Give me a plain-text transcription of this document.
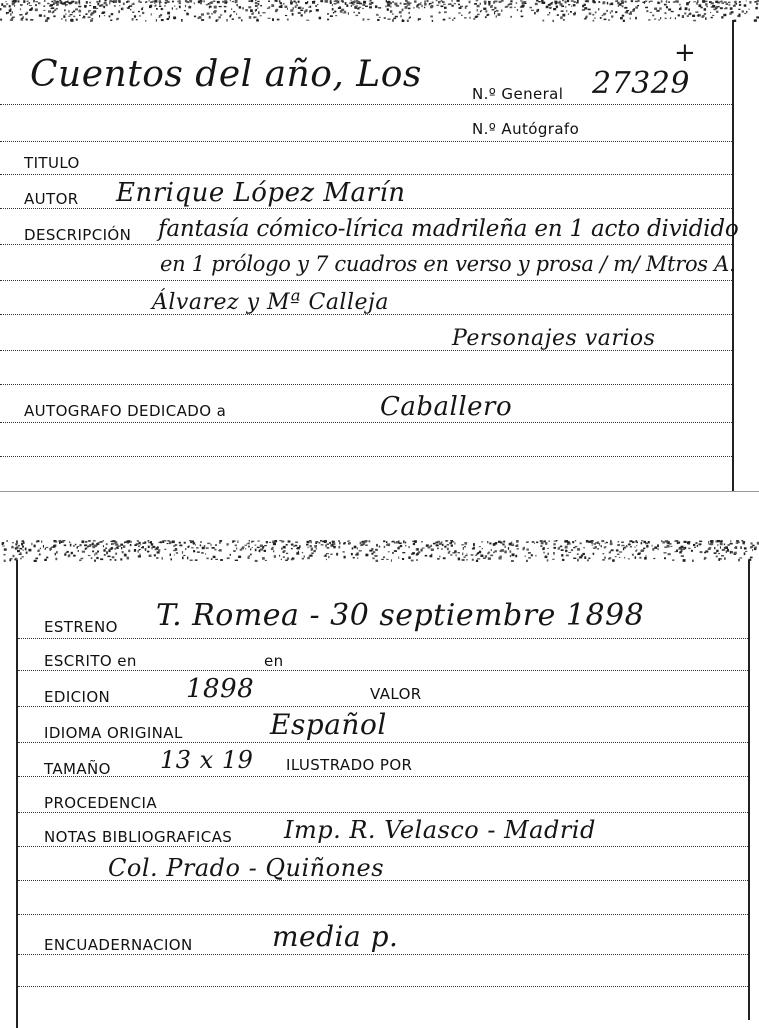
Cuentos del año, Los	N.º General 27329
+
N.º Autógrafo
TITULO
AUTOR Enrique López Marín
DESCRIPCIÓN fantasía cómico-lírica madrileña en 1 acto dividido
en 1 prólogo y 7 cuadros en verso y prosa / m/ Mtros A.
Álvarez y Mª Calleja
Personajes varios
AUTOGRAFO DEDICADO a	Caballero
ESTRENO T. Romea - 30 septiembre 1898
ESCRITO en	en
EDICION	1898	VALOR
IDIOMA ORIGINAL	Español
TAMAÑO 13 x 19 ILUSTRADO POR
PROCEDENCIA
NOTAS BIBLIOGRAFICAS Imp. R. Velasco - Madrid
Col. Prado - Quiñones
ENCUADERNACION	media p.
